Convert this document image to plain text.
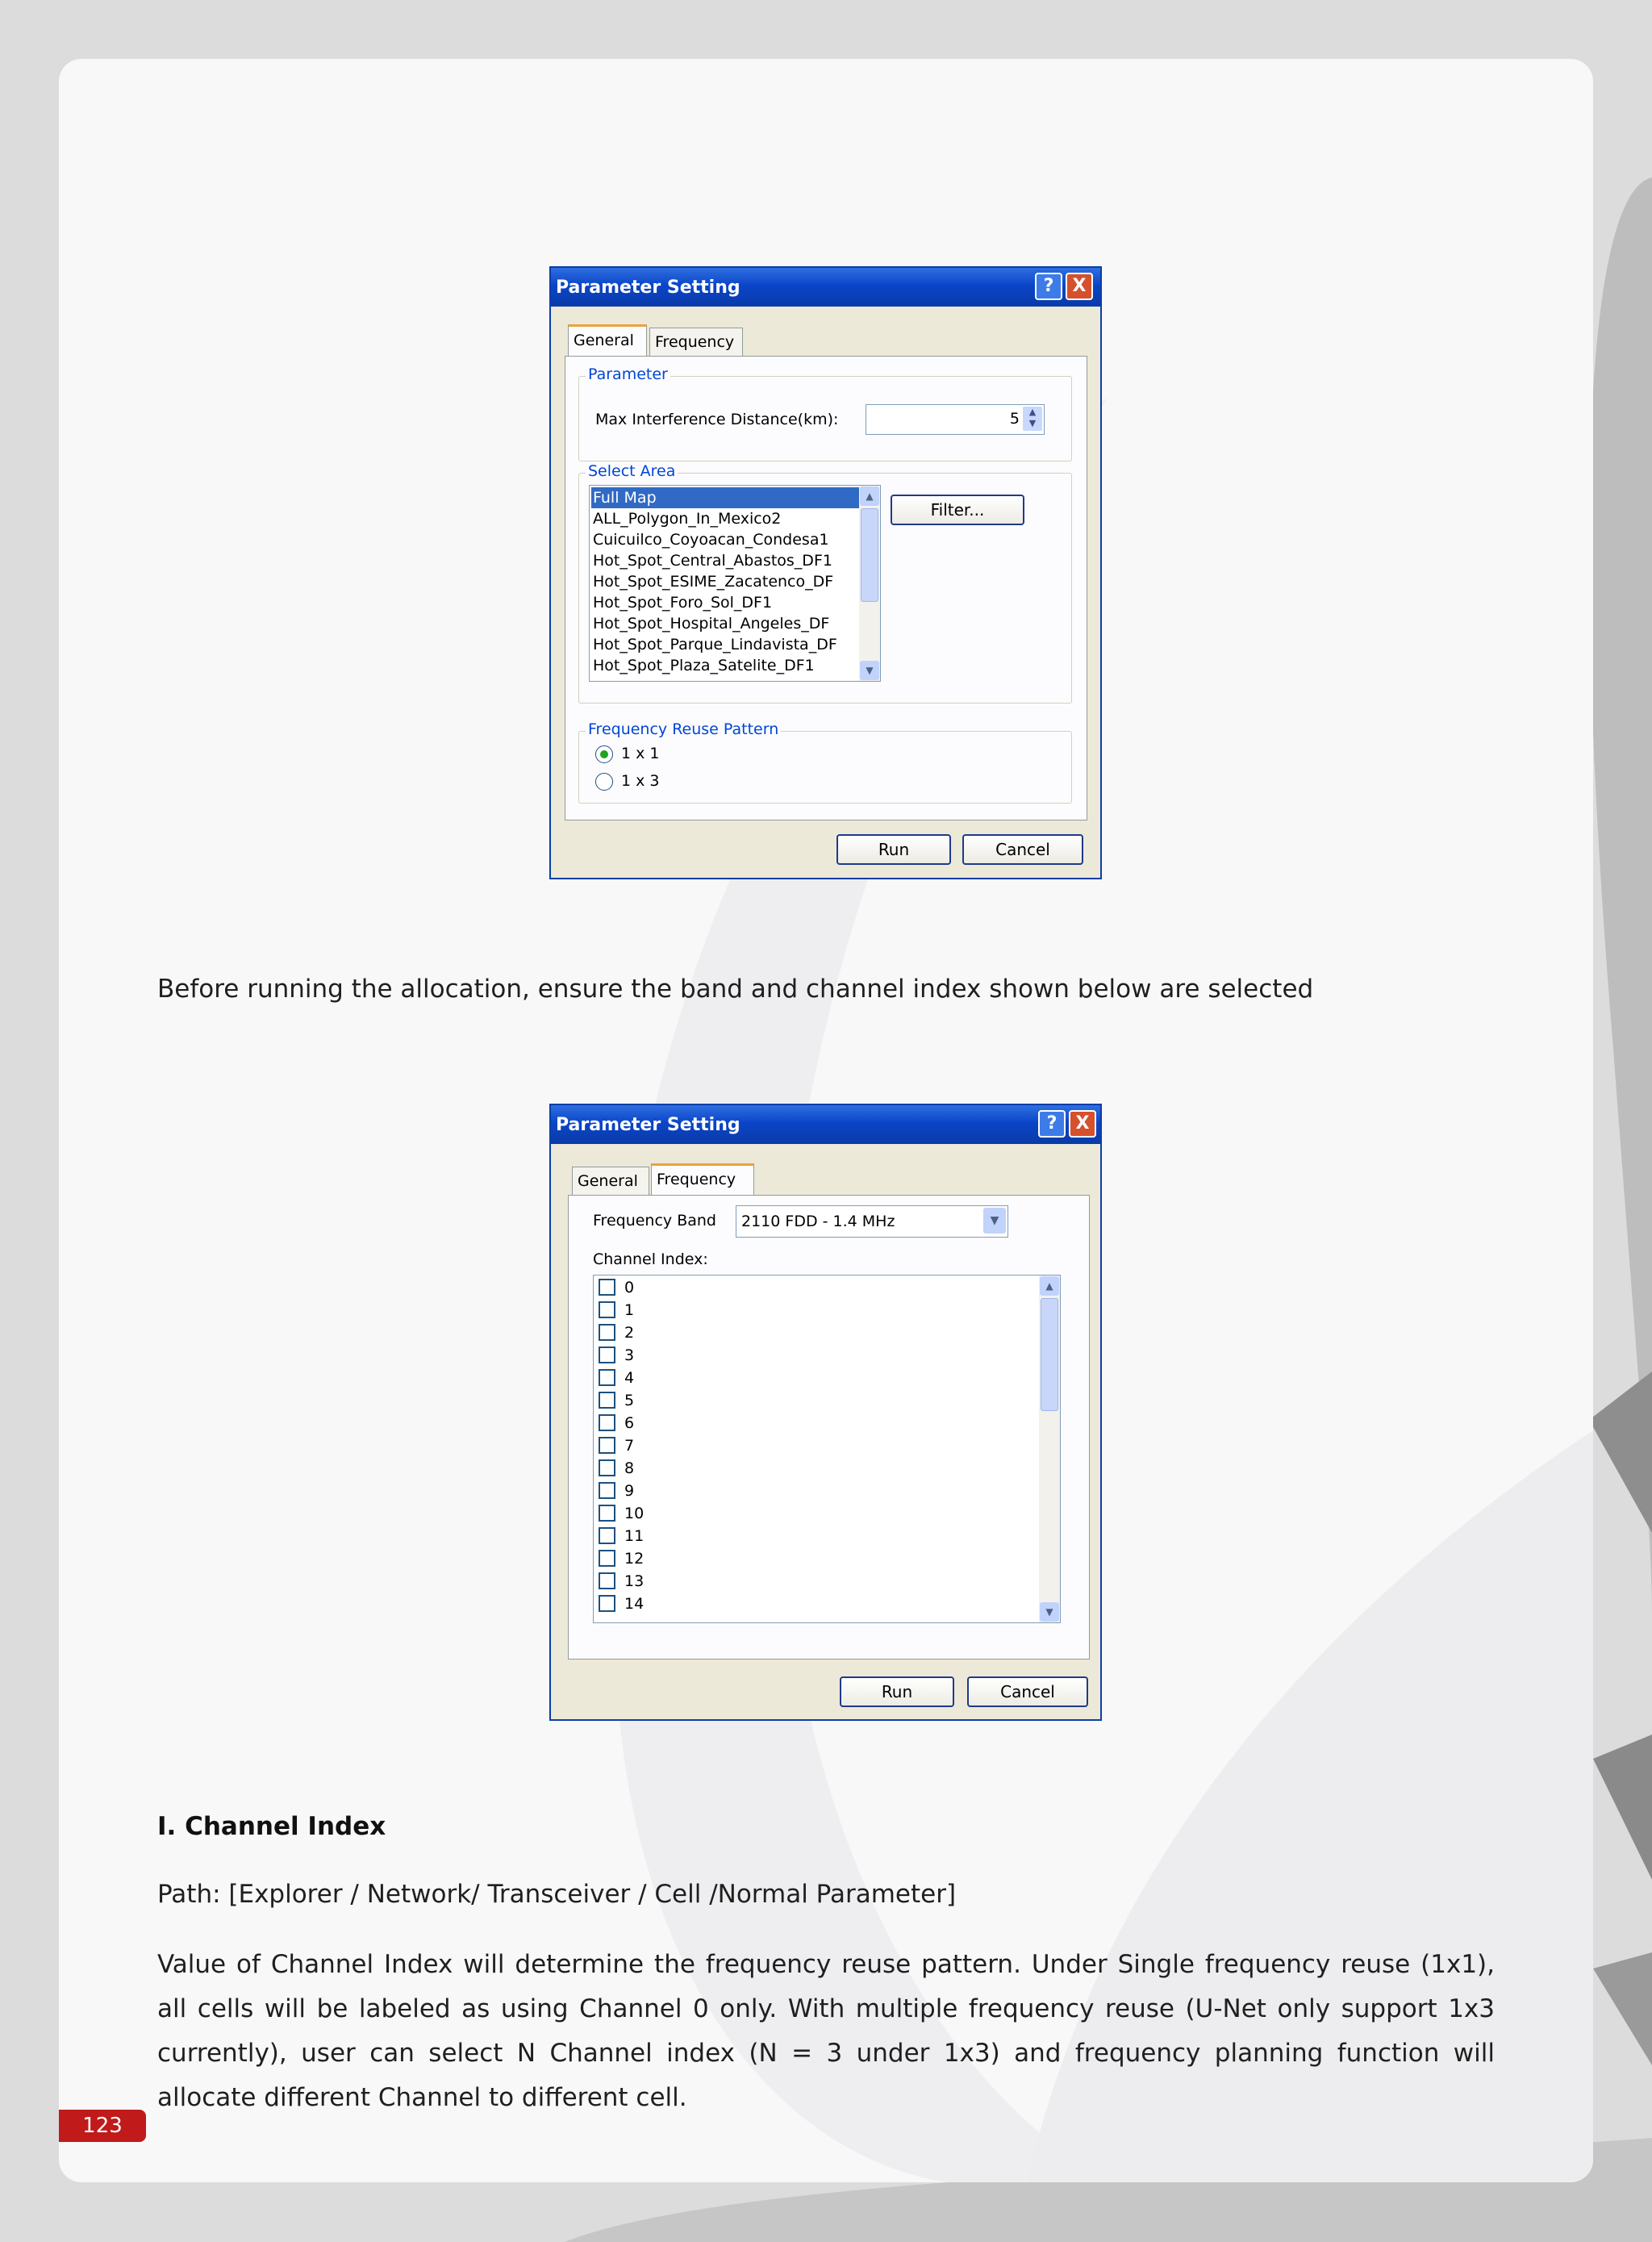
Parameter Setting	?	X
General	Frequency
Parameter
Max Interference Distance(km):	5	▲
▼
Select Area
Full Map
ALL_Polygon_In_Mexico2
Cuicuilco_Coyoacan_Condesa1
Hot_Spot_Central_Abastos_DF1
Hot_Spot_ESIME_Zacatenco_DF
Hot_Spot_Foro_Sol_DF1
Hot_Spot_Hospital_Angeles_DF
Hot_Spot_Parque_Lindavista_DF
Hot_Spot_Plaza_Satelite_DF1
▲
▼
Filter...
Frequency Reuse Pattern
1 x 1
1 x 3
Run	Cancel
Before running the allocation, ensure the band and channel index shown below are selected
Parameter Setting	?	X
General	Frequency
Frequency Band 2110 FDD - 1.4 MHz	▼
Channel Index:
0
1
2
3
4
5
6
7
8
9
10
11
12
13
14
▲
▼
Run	Cancel
I. Channel Index
Path: [Explorer / Network/ Transceiver / Cell /Normal Parameter]
Value of Channel Index will determine the frequency reuse pattern. Under Single frequency reuse (1x1), all cells will be labeled as using Channel 0 only. With multiple frequency reuse (U-Net only support 1x3 currently), user can select N Channel index (N = 3 under 1x3) and frequency planning function will allocate different Channel to different cell.
123
